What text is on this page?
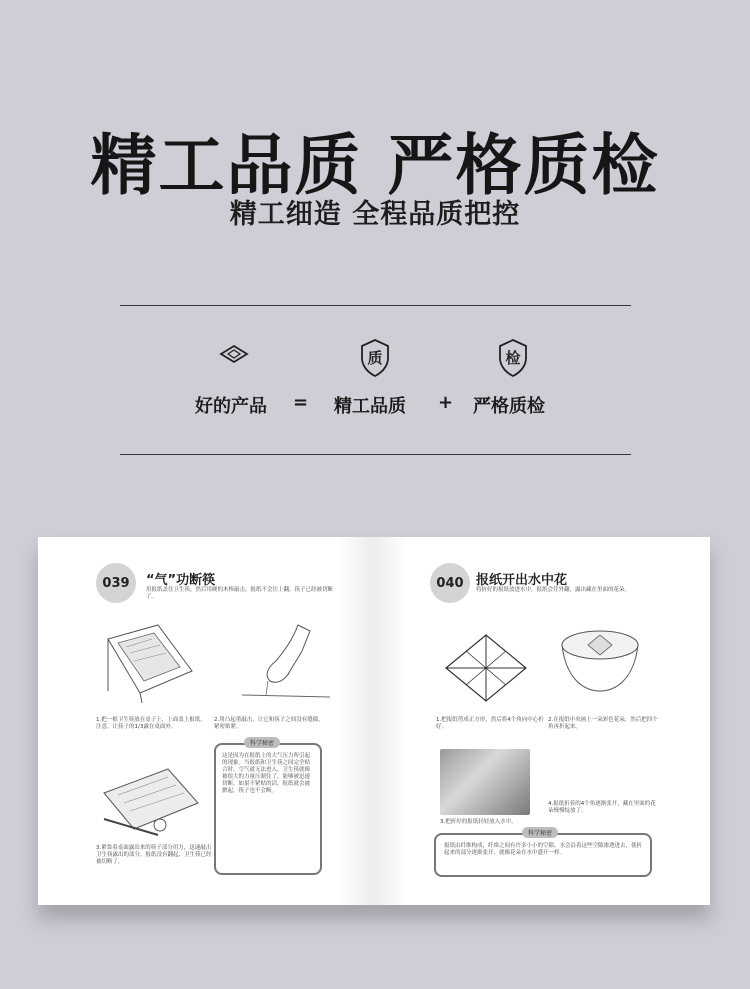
精工品质 严格质检
精工细造 全程品质把控
质	检
好的产品 = 精工品质 + 严格质检
039	“气”功断筷
用报纸盖住卫生筷，然后用硬的木棒敲击，报纸不会往上翻，筷子已经被切断了。
1.把一根卫生筷放在桌子上，上面盖上报纸，注意，让筷子的1/3露在桌面外。
2.用凸起重敲击，让它和筷子之间没有缝隙，紧密贴紧。
3.紧靠着桌面露出来的筷子部分用力，迅速敲击卫生筷露出的部分，报纸没有翻起，卫生筷已经被切断了。
科学秘密
这是因为在报纸上的大气压力所引起的现象。当报纸和卫生筷之间完全贴合时，空气就无法进入，卫生筷就像被很大的力量压制住了，能够被迅速切断。如果不紧贴的话，报纸就会被掀起，筷子也不会断。
040 报纸开出水中花
将折好的报纸放进水中，报纸会往外翻，露出藏在里面的花朵。
1.把报纸剪成正方形，然后将4个角向中心折好。
2.在报纸中央画上一朵彩色花朵，然后把四个角再折起来。
3.把折好的报纸轻轻放入水中。
4.报纸折着的4个角逐渐张开，藏在里面的花朵慢慢绽放了。
科学秘密
报纸由纤维构成，纤维之间有许多小小的空隙，水会沿着这些空隙渗透进去，使折起来的部分逐渐张开，就像花朵在水中盛开一样。
